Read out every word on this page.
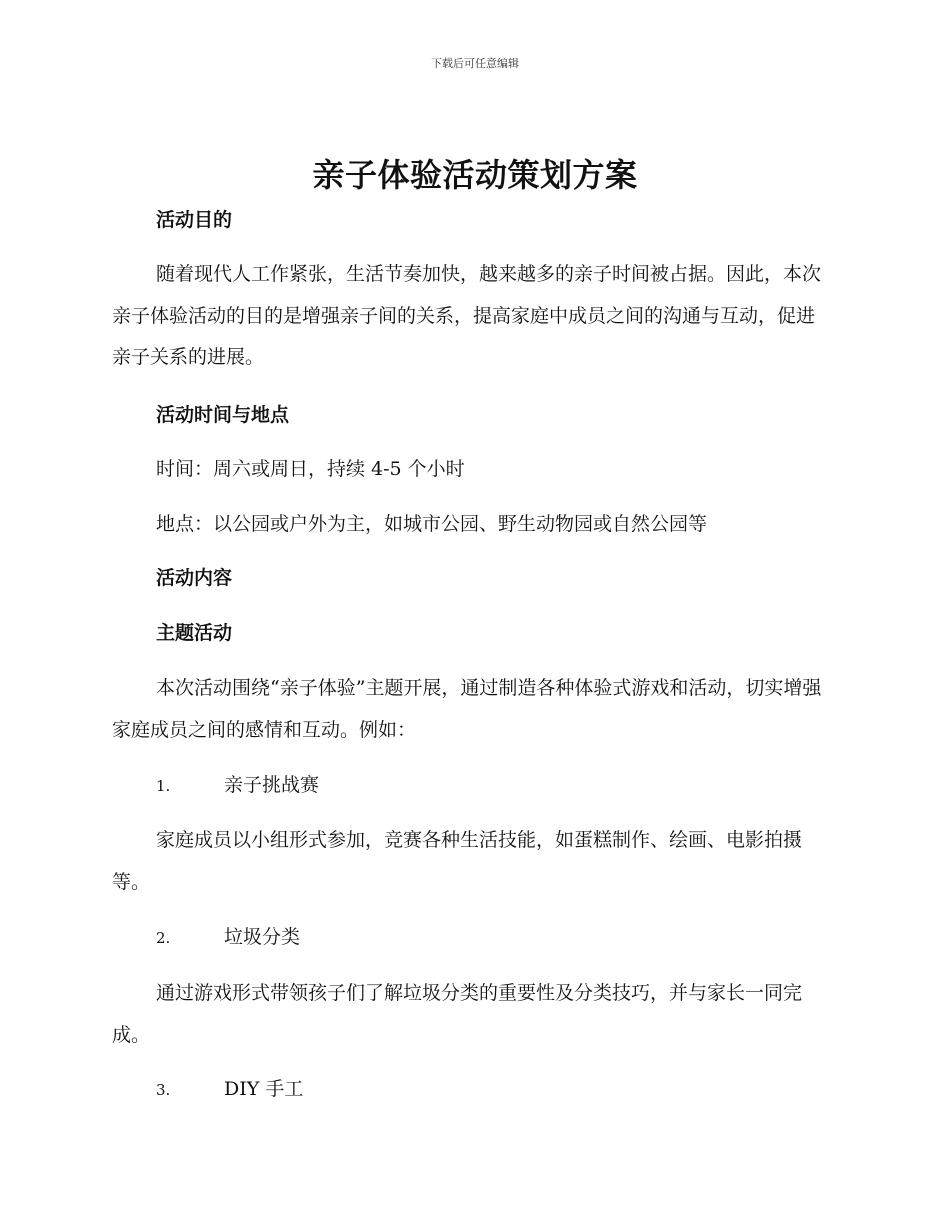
下载后可任意编辑
亲子体验活动策划方案
活动目的

随着现代人工作紧张，生活节奏加快，越来越多的亲子时间被占据。因此，本次亲子体验活动的目的是增强亲子间的关系，提高家庭中成员之间的沟通与互动，促进亲子关系的进展。

活动时间与地点
时间：周六或周日，持续 4-5 个小时
地点：以公园或户外为主，如城市公园、野生动物园或自然公园等
活动内容
主题活动

本次活动围绕“亲子体验”主题开展，通过制造各种体验式游戏和活动，切实增强家庭成员之间的感情和互动。例如：

1.	亲子挑战赛

家庭成员以小组形式参加，竞赛各种生活技能，如蛋糕制作、绘画、电影拍摄等。

2.	垃圾分类

通过游戏形式带领孩子们了解垃圾分类的重要性及分类技巧，并与家长一同完成。

3.	DIY 手工
